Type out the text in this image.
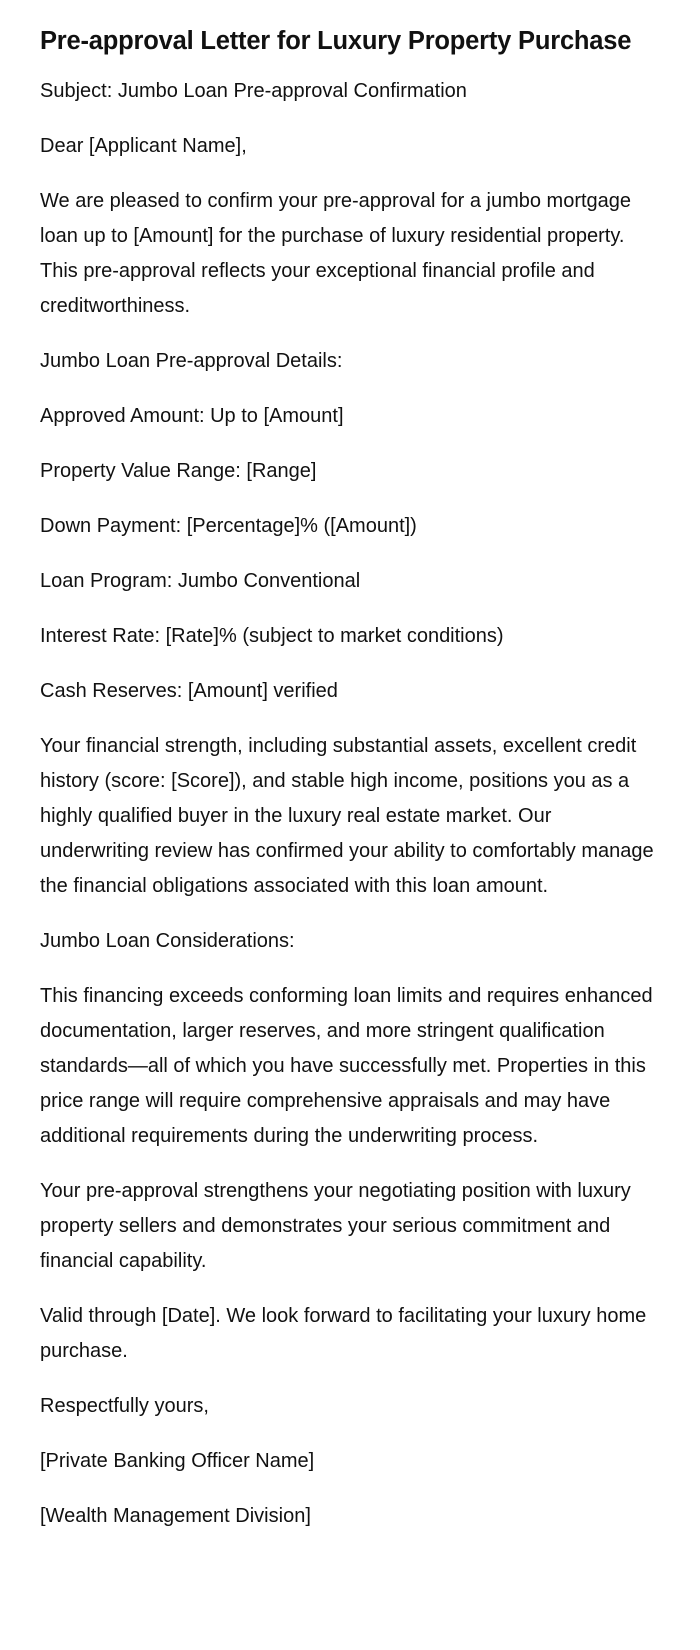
Pre-approval Letter for Luxury Property Purchase

Subject: Jumbo Loan Pre-approval Confirmation

Dear [Applicant Name],

We are pleased to confirm your pre-approval for a jumbo mortgage loan up to [Amount] for the purchase of luxury residential property. This pre-approval reflects your exceptional financial profile and creditworthiness.

Jumbo Loan Pre-approval Details:

Approved Amount: Up to [Amount]

Property Value Range: [Range]

Down Payment: [Percentage]% ([Amount])

Loan Program: Jumbo Conventional

Interest Rate: [Rate]% (subject to market conditions)

Cash Reserves: [Amount] verified

Your financial strength, including substantial assets, excellent credit history (score: [Score]), and stable high income, positions you as a highly qualified buyer in the luxury real estate market. Our underwriting review has confirmed your ability to comfortably manage the financial obligations associated with this loan amount.

Jumbo Loan Considerations:

This financing exceeds conforming loan limits and requires enhanced documentation, larger reserves, and more stringent qualification standards—all of which you have successfully met. Properties in this price range will require comprehensive appraisals and may have additional requirements during the underwriting process.

Your pre-approval strengthens your negotiating position with luxury property sellers and demonstrates your serious commitment and financial capability.

Valid through [Date]. We look forward to facilitating your luxury home purchase.

Respectfully yours,

[Private Banking Officer Name]

[Wealth Management Division]
